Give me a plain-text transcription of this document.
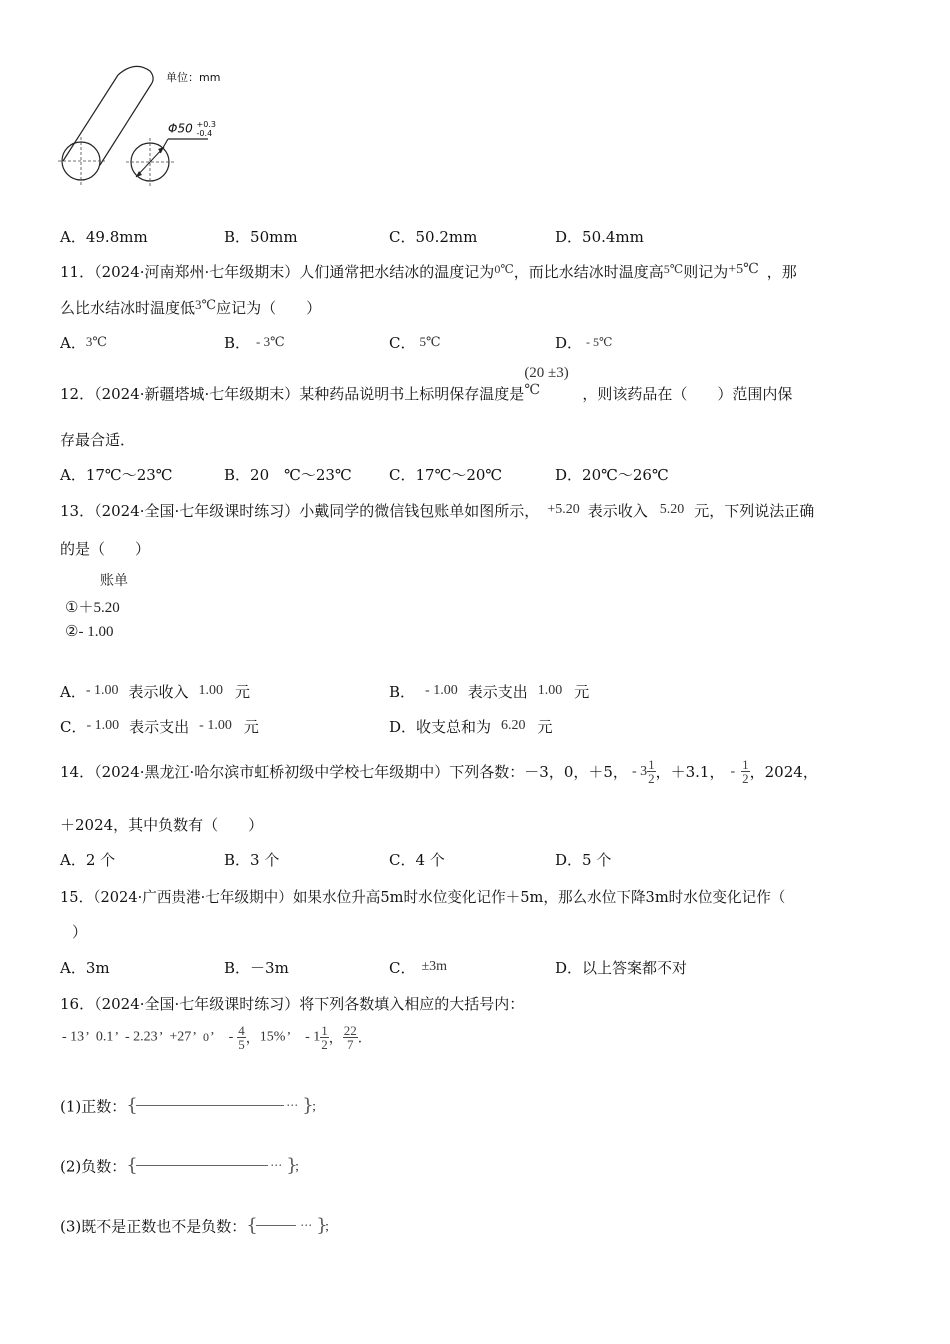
单位：mm
Φ50 +0.3
-0.4
A．49.8mm	B．50mm	C．50.2mm	D．50.4mm
11．（2024·河南郑州·七年级期末）人们通常把水结冰的温度记为$^{0℃}$，而比水结冰时温度高$^{5℃}$则记为+5℃ ，那
么比水结冰时温度低3℃应记为（　　）
A．3℃	B． - 3℃	C． 5℃	D． - 5℃
12．（2024·新疆塔城·七年级期末）某种药品说明书上标明保存温度是
(20 ±3)
℃	，则该药品在（　　）范围内保
存最合适．
A．17℃～23℃	B．20　℃～23℃ C．17℃～20℃	D．20℃～26℃
13．（2024·全国·七年级课时练习）小戴同学的微信钱包账单如图所示， +5.20 表示收入 5.20 元，下列说法正确
的是（　　）
账单
①＋5.20
②- 1.00
A．- 1.00 表示收入 1.00 元	B． - 1.00 表示支出 1.00 元
C．- 1.00 表示支出 - 1.00 元	D．收支总和为 6.20 元
14．（2024·黑龙江·哈尔滨市虹桥初级中学校七年级期中）下列各数：－3，0，＋5， - $3 \frac{1}{2}$ ，＋3.1， - $\frac{1}{2}$ ，2024，
＋2024，其中负数有（　　）
A．2 个	B．3 个	C．4 个	D．5 个
15．（2024·广西贵港·七年级期中）如果水位升高5m时水位变化记作＋5m，那么水位下降3m时水位变化记作（
）
A．3m	B．－3m	C． ±3m	D．以上答案都不对
16．（2024·全国·七年级课时练习）将下列各数填入相应的大括号内：
- 13’ 0.1’ - 2.23’ +27’ 0’ - $\frac{4}{5}$ ，15%’ - $1 \frac{1}{2}$ ， $\frac{22}{7}$ ．
(1)正数： {	… }
；
(2)负数： {	… }
；
(3)既不是正数也不是负数： {	… }
；
